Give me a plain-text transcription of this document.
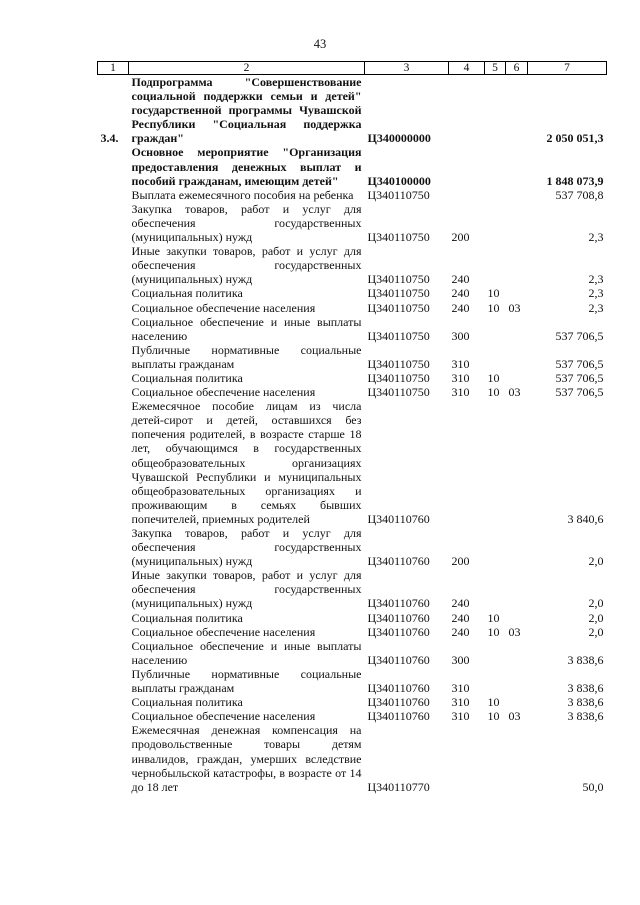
43
1	2	3	4	5	6	7
3.4.	Подпрограмма "Совершенствование социальной поддержки семьи и детей" государственной программы Чувашской Республики "Социальная поддержка граждан"	Ц340000000				2 050 051,3
	Основное мероприятие "Организация предоставления денежных выплат и пособий гражданам, имеющим детей"	Ц340100000				1 848 073,9
	Выплата ежемесячного пособия на ребенка	Ц340110750				537 708,8
	Закупка товаров, работ и услуг для обеспечения государственных (муниципальных) нужд	Ц340110750	200			2,3
	Иные закупки товаров, работ и услуг для обеспечения государственных (муниципальных) нужд	Ц340110750	240			2,3
	Социальная политика	Ц340110750	240	10		2,3
	Социальное обеспечение населения	Ц340110750	240	10	03	2,3
	Социальное обеспечение и иные выплаты населению	Ц340110750	300			537 706,5
	Публичные нормативные социальные выплаты гражданам	Ц340110750	310			537 706,5
	Социальная политика	Ц340110750	310	10		537 706,5
	Социальное обеспечение населения	Ц340110750	310	10	03	537 706,5
	Ежемесячное пособие лицам из числа детей-сирот и детей, оставшихся без попечения родителей, в возрасте старше 18 лет, обучающимся в государственных общеобразовательных организациях Чувашской Республики и муниципальных общеобразовательных организациях и проживающим в семьях бывших попечителей, приемных родителей	Ц340110760				3 840,6
	Закупка товаров, работ и услуг для обеспечения государственных (муниципальных) нужд	Ц340110760	200			2,0
	Иные закупки товаров, работ и услуг для обеспечения государственных (муниципальных) нужд	Ц340110760	240			2,0
	Социальная политика	Ц340110760	240	10		2,0
	Социальное обеспечение населения	Ц340110760	240	10	03	2,0
	Социальное обеспечение и иные выплаты населению	Ц340110760	300			3 838,6
	Публичные нормативные социальные выплаты гражданам	Ц340110760	310			3 838,6
	Социальная политика	Ц340110760	310	10		3 838,6
	Социальное обеспечение населения	Ц340110760	310	10	03	3 838,6
	Ежемесячная денежная компенсация на продовольственные товары детям инвалидов, граждан, умерших вследствие чернобыльской катастрофы, в возрасте от 14 до 18 лет	Ц340110770				50,0
